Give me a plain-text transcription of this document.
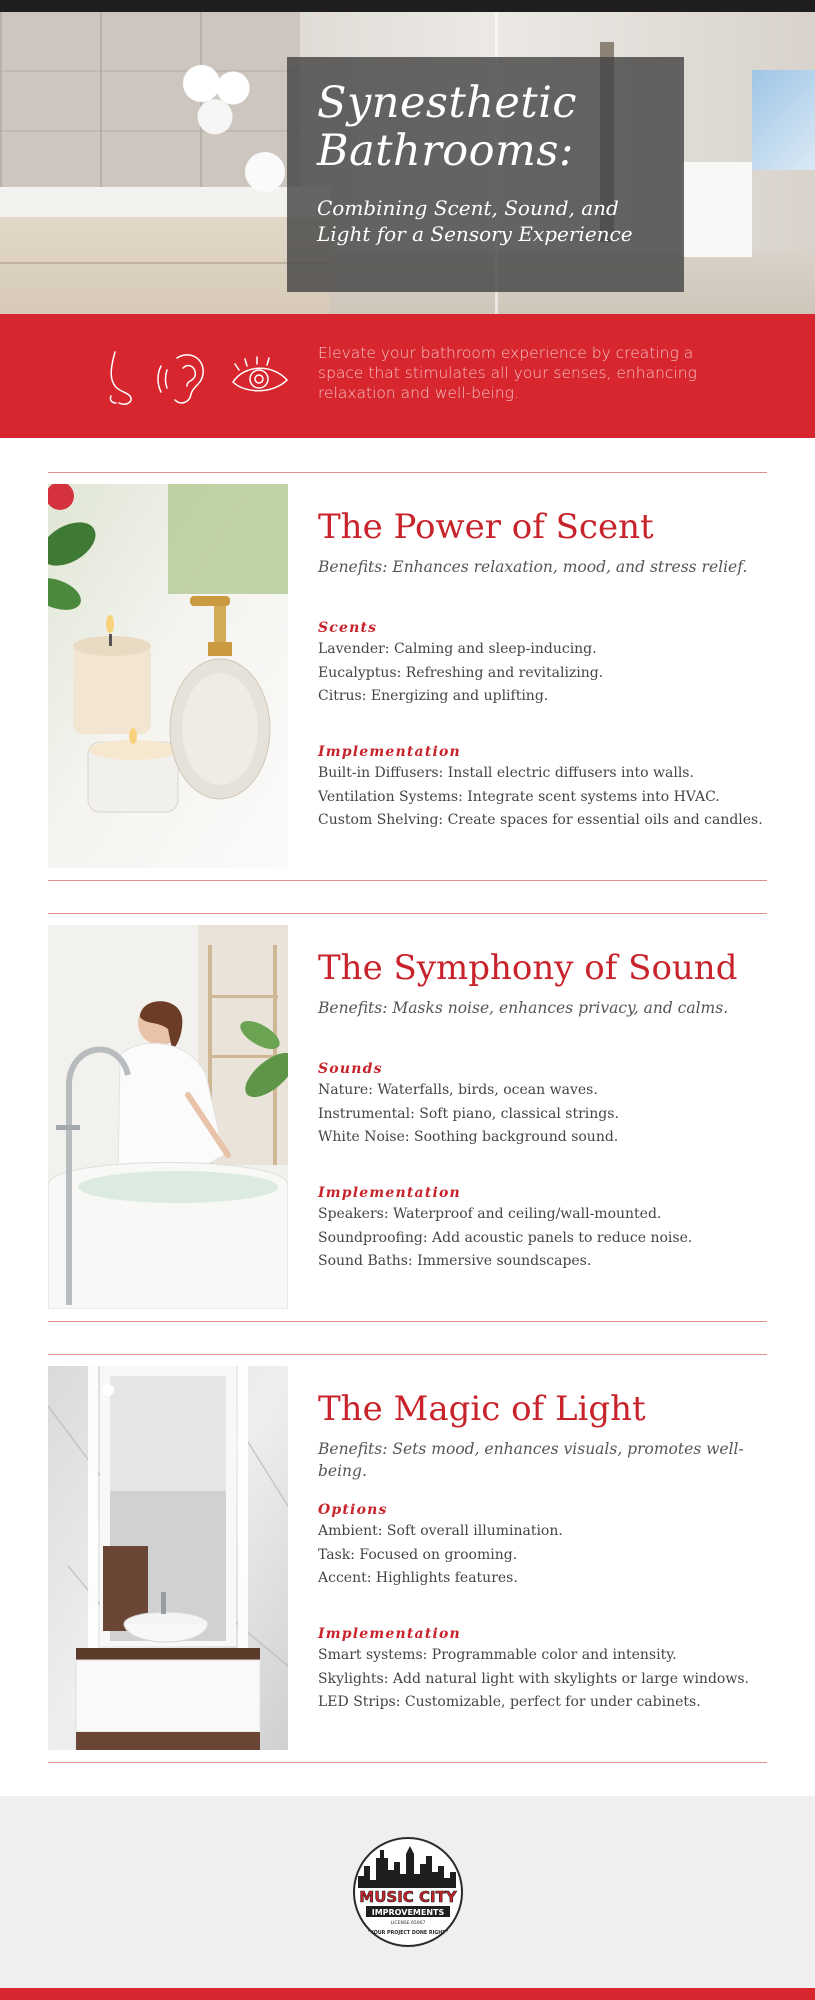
Synesthetic
Bathrooms:
Combining Scent, Sound, and
Light for a Sensory Experience
Elevate your bathroom experience by creating a space that stimulates all your senses, enhancing relaxation and well-being.
The Power of Scent
Benefits: Enhances relaxation, mood, and stress relief.
Scents
Lavender: Calming and sleep-inducing.
Eucalyptus: Refreshing and revitalizing.
Citrus: Energizing and uplifting.
Implementation
Built-in Diffusers: Install electric diffusers into walls.
Ventilation Systems: Integrate scent systems into HVAC.
Custom Shelving: Create spaces for essential oils and candles.
The Symphony of Sound
Benefits: Masks noise, enhances privacy, and calms.
Sounds
Nature: Waterfalls, birds, ocean waves.
Instrumental: Soft piano, classical strings.
White Noise: Soothing background sound.
Implementation
Speakers: Waterproof and ceiling/wall-mounted.
Soundproofing: Add acoustic panels to reduce noise.
Sound Baths: Immersive soundscapes.
The Magic of Light
Benefits: Sets mood, enhances visuals, promotes well-being.
Options
Ambient: Soft overall illumination.
Task: Focused on grooming.
Accent: Highlights features.
Implementation
Smart systems: Programmable color and intensity.
Skylights: Add natural light with skylights or large windows.
LED Strips: Customizable, perfect for under cabinets.
MUSIC CITY
IMPROVEMENTS
LICENSE 65067
"YOUR PROJECT DONE RIGHT"
